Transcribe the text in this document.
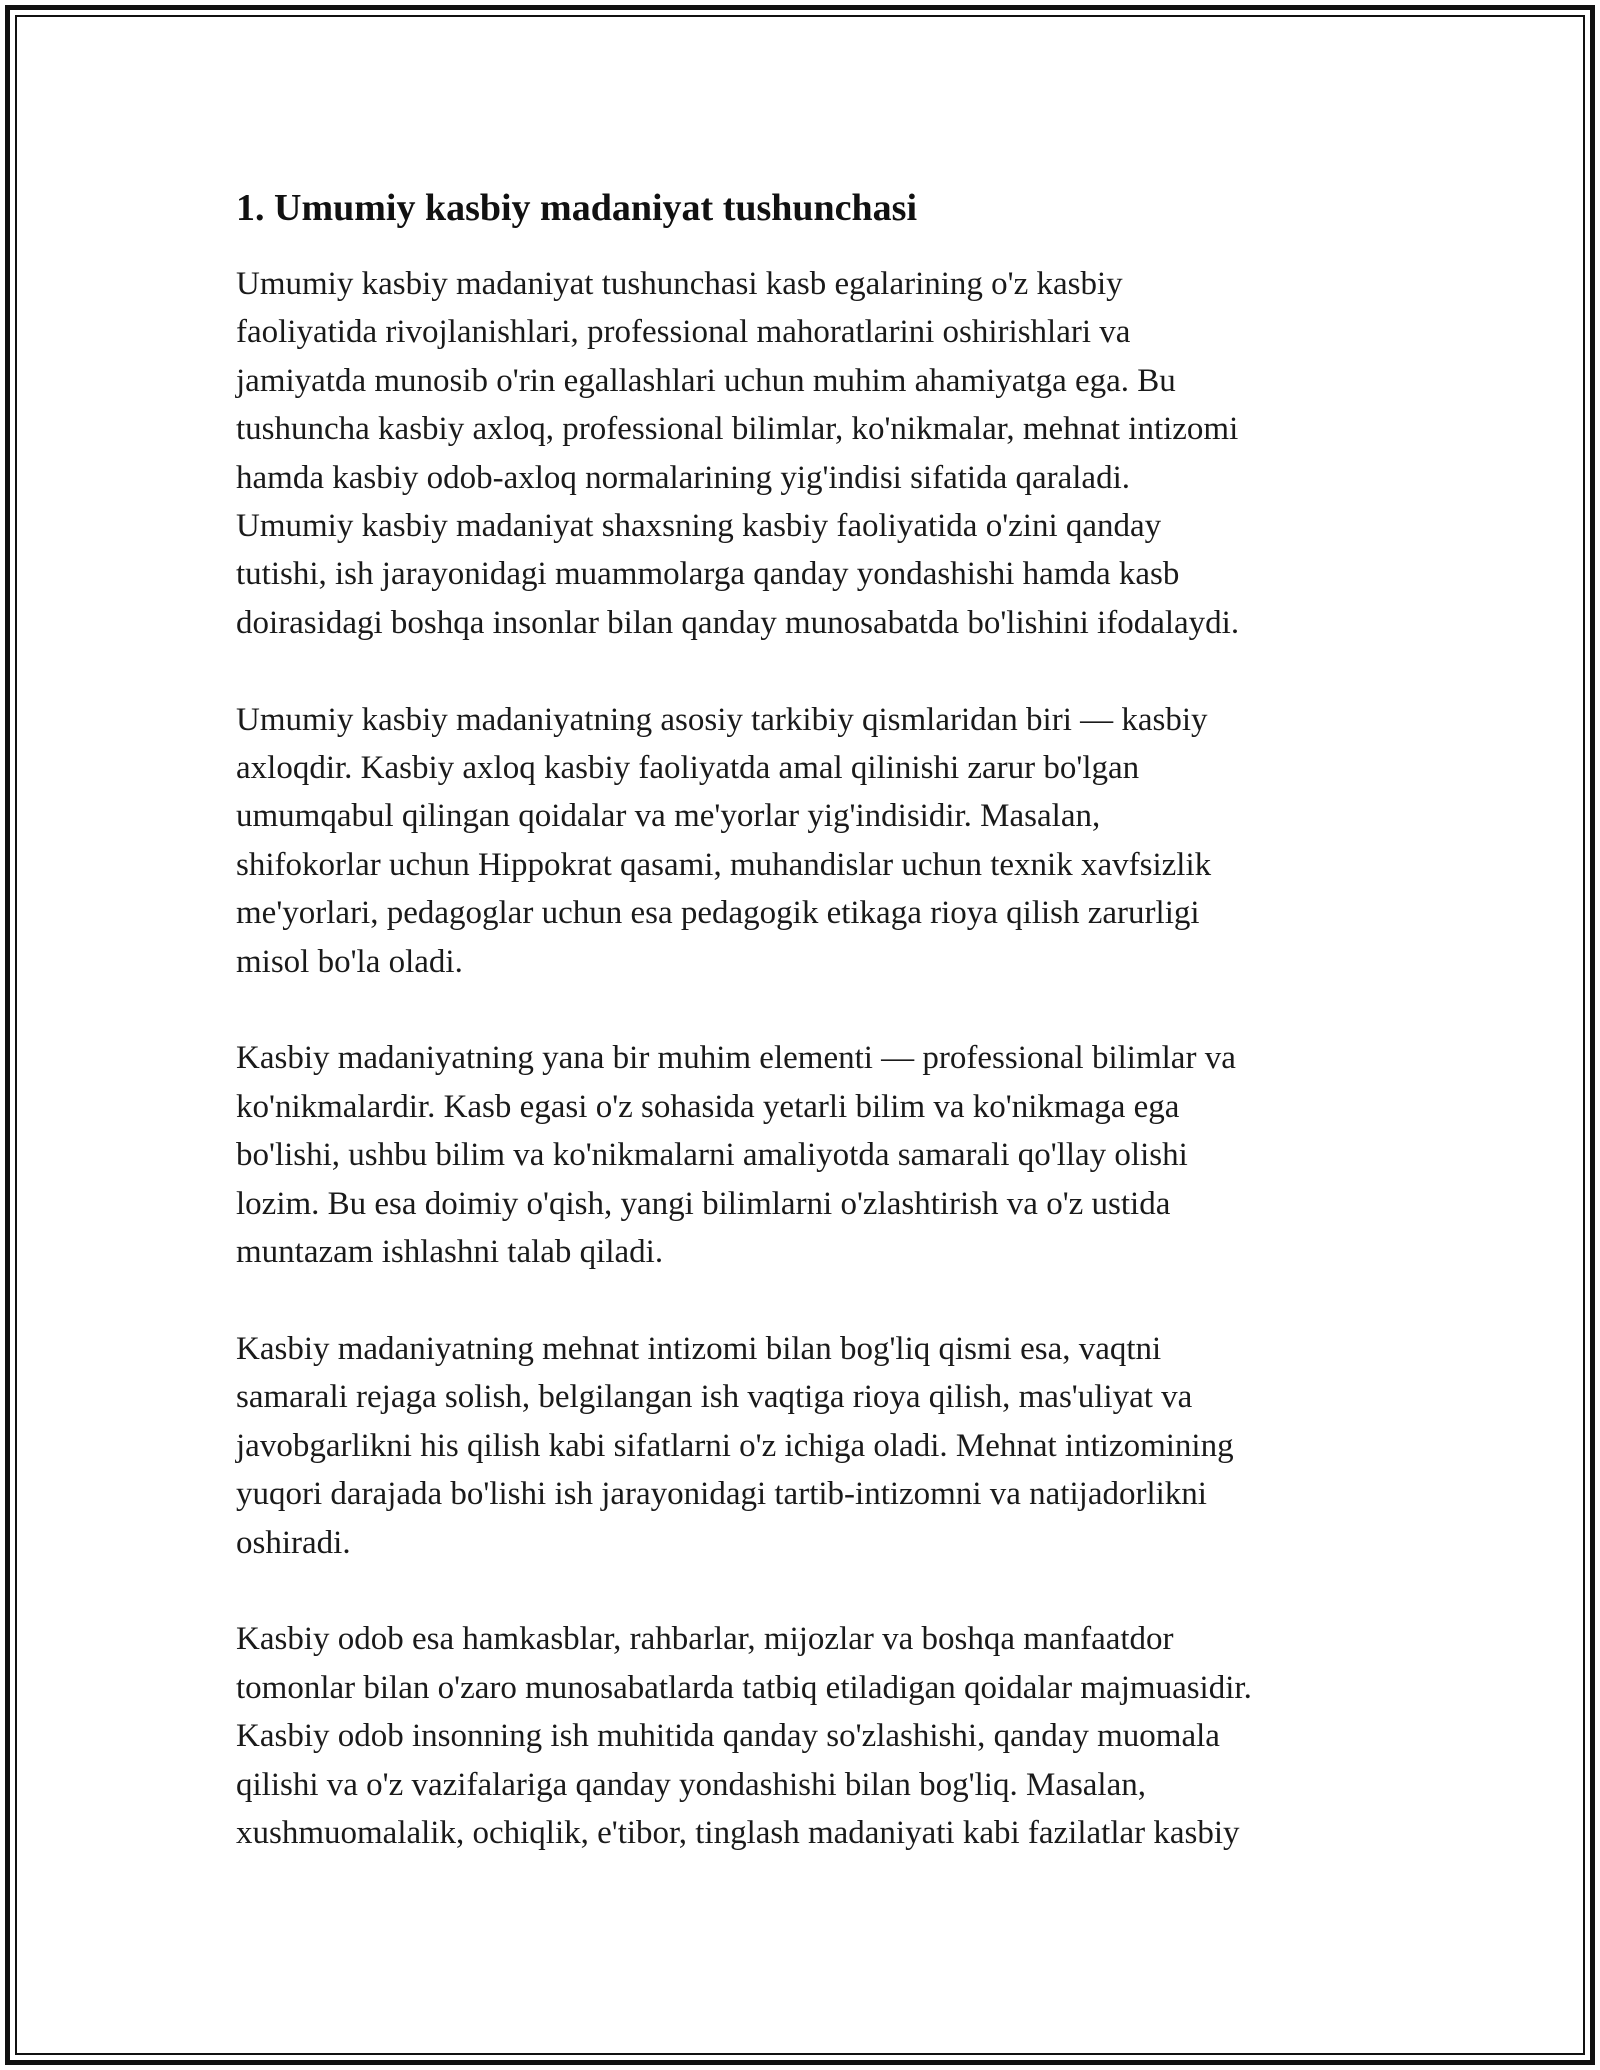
1. Umumiy kasbiy madaniyat tushunchasi
Umumiy kasbiy madaniyat tushunchasi kasb egalarining o'z kasbiy
faoliyatida rivojlanishlari, professional mahoratlarini oshirishlari va
jamiyatda munosib o'rin egallashlari uchun muhim ahamiyatga ega. Bu
tushuncha kasbiy axloq, professional bilimlar, ko'nikmalar, mehnat intizomi
hamda kasbiy odob-axloq normalarining yig'indisi sifatida qaraladi.
Umumiy kasbiy madaniyat shaxsning kasbiy faoliyatida o'zini qanday
tutishi, ish jarayonidagi muammolarga qanday yondashishi hamda kasb
doirasidagi boshqa insonlar bilan qanday munosabatda bo'lishini ifodalaydi.
Umumiy kasbiy madaniyatning asosiy tarkibiy qismlaridan biri — kasbiy
axloqdir. Kasbiy axloq kasbiy faoliyatda amal qilinishi zarur bo'lgan
umumqabul qilingan qoidalar va me'yorlar yig'indisidir. Masalan,
shifokorlar uchun Hippokrat qasami, muhandislar uchun texnik xavfsizlik
me'yorlari, pedagoglar uchun esa pedagogik etikaga rioya qilish zarurligi
misol bo'la oladi.
Kasbiy madaniyatning yana bir muhim elementi — professional bilimlar va
ko'nikmalardir. Kasb egasi o'z sohasida yetarli bilim va ko'nikmaga ega
bo'lishi, ushbu bilim va ko'nikmalarni amaliyotda samarali qo'llay olishi
lozim. Bu esa doimiy o'qish, yangi bilimlarni o'zlashtirish va o'z ustida
muntazam ishlashni talab qiladi.
Kasbiy madaniyatning mehnat intizomi bilan bog'liq qismi esa, vaqtni
samarali rejaga solish, belgilangan ish vaqtiga rioya qilish, mas'uliyat va
javobgarlikni his qilish kabi sifatlarni o'z ichiga oladi. Mehnat intizomining
yuqori darajada bo'lishi ish jarayonidagi tartib-intizomni va natijadorlikni
oshiradi.
Kasbiy odob esa hamkasblar, rahbarlar, mijozlar va boshqa manfaatdor
tomonlar bilan o'zaro munosabatlarda tatbiq etiladigan qoidalar majmuasidir.
Kasbiy odob insonning ish muhitida qanday so'zlashishi, qanday muomala
qilishi va o'z vazifalariga qanday yondashishi bilan bog'liq. Masalan,
xushmuomalalik, ochiqlik, e'tibor, tinglash madaniyati kabi fazilatlar kasbiy
